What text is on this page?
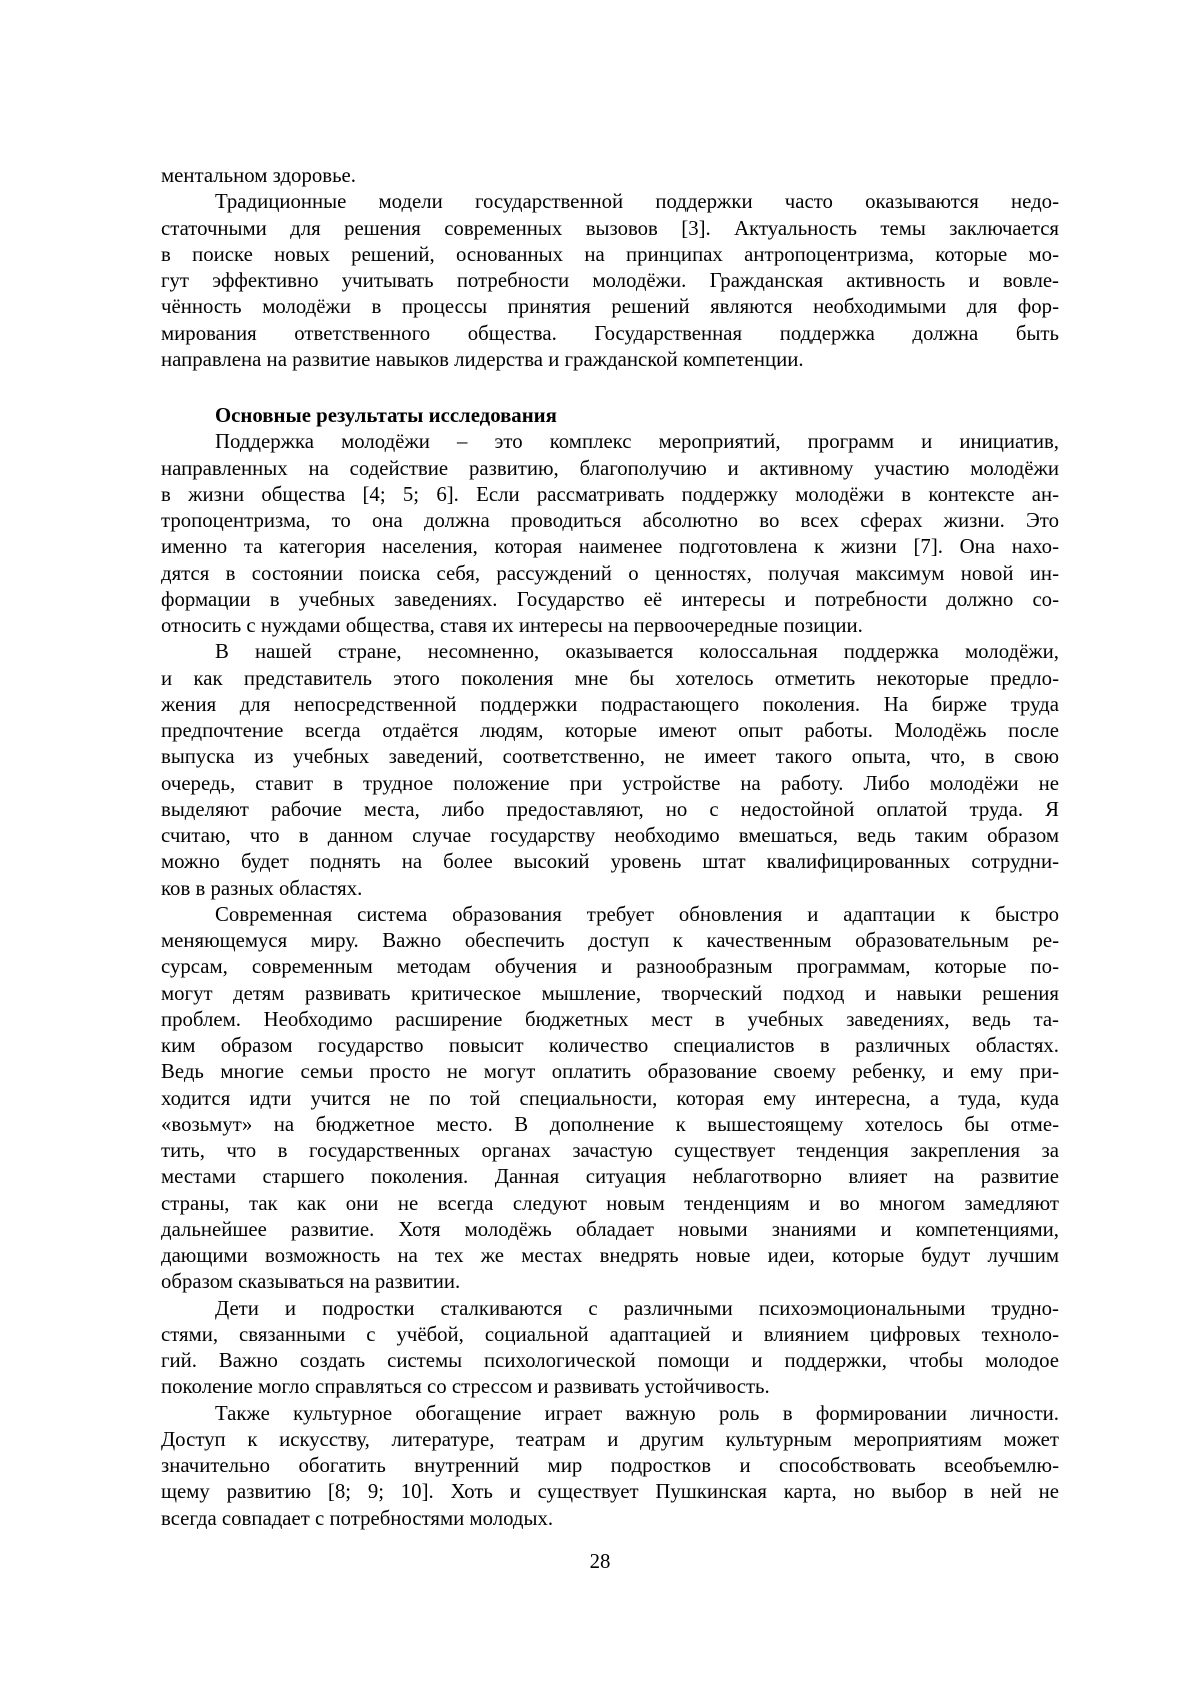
ментальном здоровье.
Традиционные модели государственной поддержки часто оказываются недо-
статочными для решения современных вызовов [3]. Актуальность темы заключается
в поиске новых решений, основанных на принципах антропоцентризма, которые мо-
гут эффективно учитывать потребности молодёжи. Гражданская активность и вовле-
чённость молодёжи в процессы принятия решений являются необходимыми для фор-
мирования ответственного общества. Государственная поддержка должна быть
направлена на развитие навыков лидерства и гражданской компетенции.
Основные результаты исследования
Поддержка молодёжи – это комплекс мероприятий, программ и инициатив,
направленных на содействие развитию, благополучию и активному участию молодёжи
в жизни общества [4; 5; 6]. Если рассматривать поддержку молодёжи в контексте ан-
тропоцентризма, то она должна проводиться абсолютно во всех сферах жизни. Это
именно та категория населения, которая наименее подготовлена к жизни [7]. Она нахо-
дятся в состоянии поиска себя, рассуждений о ценностях, получая максимум новой ин-
формации в учебных заведениях. Государство её интересы и потребности должно со-
относить с нуждами общества, ставя их интересы на первоочередные позиции.
В нашей стране, несомненно, оказывается колоссальная поддержка молодёжи,
и как представитель этого поколения мне бы хотелось отметить некоторые предло-
жения для непосредственной поддержки подрастающего поколения. На бирже труда
предпочтение всегда отдаётся людям, которые имеют опыт работы. Молодёжь после
выпуска из учебных заведений, соответственно, не имеет такого опыта, что, в свою
очередь, ставит в трудное положение при устройстве на работу. Либо молодёжи не
выделяют рабочие места, либо предоставляют, но с недостойной оплатой труда. Я
считаю, что в данном случае государству необходимо вмешаться, ведь таким образом
можно будет поднять на более высокий уровень штат квалифицированных сотрудни-
ков в разных областях.
Современная система образования требует обновления и адаптации к быстро
меняющемуся миру. Важно обеспечить доступ к качественным образовательным ре-
сурсам, современным методам обучения и разнообразным программам, которые по-
могут детям развивать критическое мышление, творческий подход и навыки решения
проблем. Необходимо расширение бюджетных мест в учебных заведениях, ведь та-
ким образом государство повысит количество специалистов в различных областях.
Ведь многие семьи просто не могут оплатить образование своему ребенку, и ему при-
ходится идти учится не по той специальности, которая ему интересна, а туда, куда
«возьмут» на бюджетное место. В дополнение к вышестоящему хотелось бы отме-
тить, что в государственных органах зачастую существует тенденция закрепления за
местами старшего поколения. Данная ситуация неблаготворно влияет на развитие
страны, так как они не всегда следуют новым тенденциям и во многом замедляют
дальнейшее развитие. Хотя молодёжь обладает новыми знаниями и компетенциями,
дающими возможность на тех же местах внедрять новые идеи, которые будут лучшим
образом сказываться на развитии.
Дети и подростки сталкиваются с различными психоэмоциональными трудно-
стями, связанными с учёбой, социальной адаптацией и влиянием цифровых техноло-
гий. Важно создать системы психологической помощи и поддержки, чтобы молодое
поколение могло справляться со стрессом и развивать устойчивость.
Также культурное обогащение играет важную роль в формировании личности.
Доступ к искусству, литературе, театрам и другим культурным мероприятиям может
значительно обогатить внутренний мир подростков и способствовать всеобъемлю-
щему развитию [8; 9; 10]. Хоть и существует Пушкинская карта, но выбор в ней не
всегда совпадает с потребностями молодых.
28
